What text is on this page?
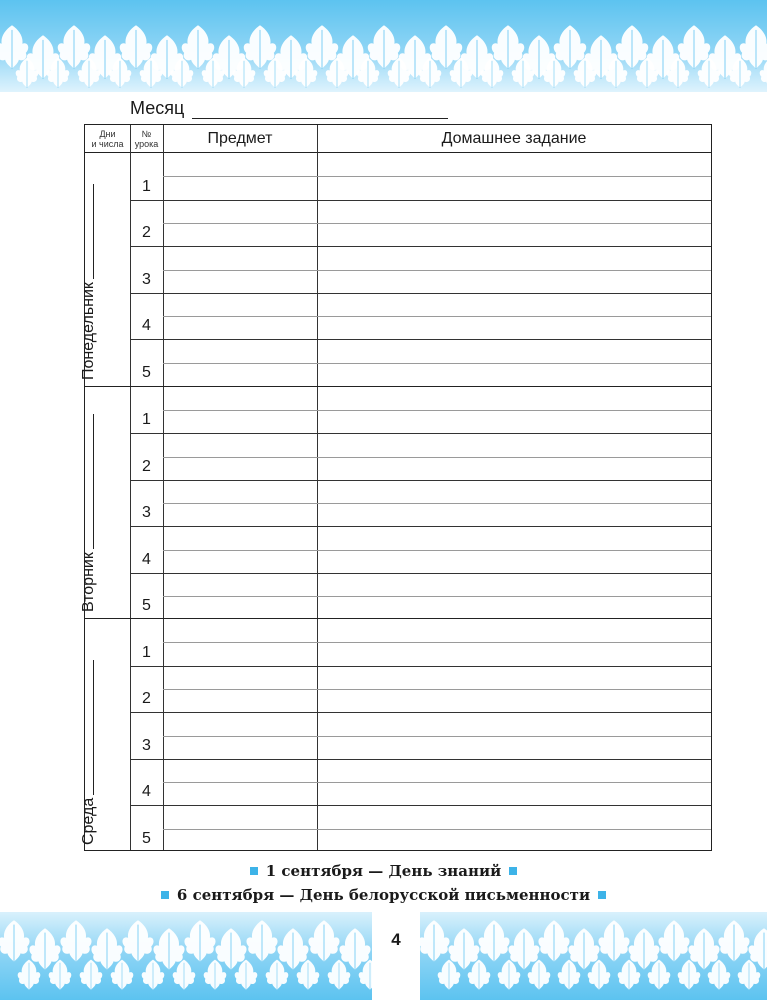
Месяц
Дни
и числа
№
урока	Предмет	Домашнее задание
Понедельник
1
2
3
4
5
Вторник
1
2
3
4
5
Среда
1
2
3
4
5
1 сентября — День знаний
6 сентября — День белорусской письменности
4
